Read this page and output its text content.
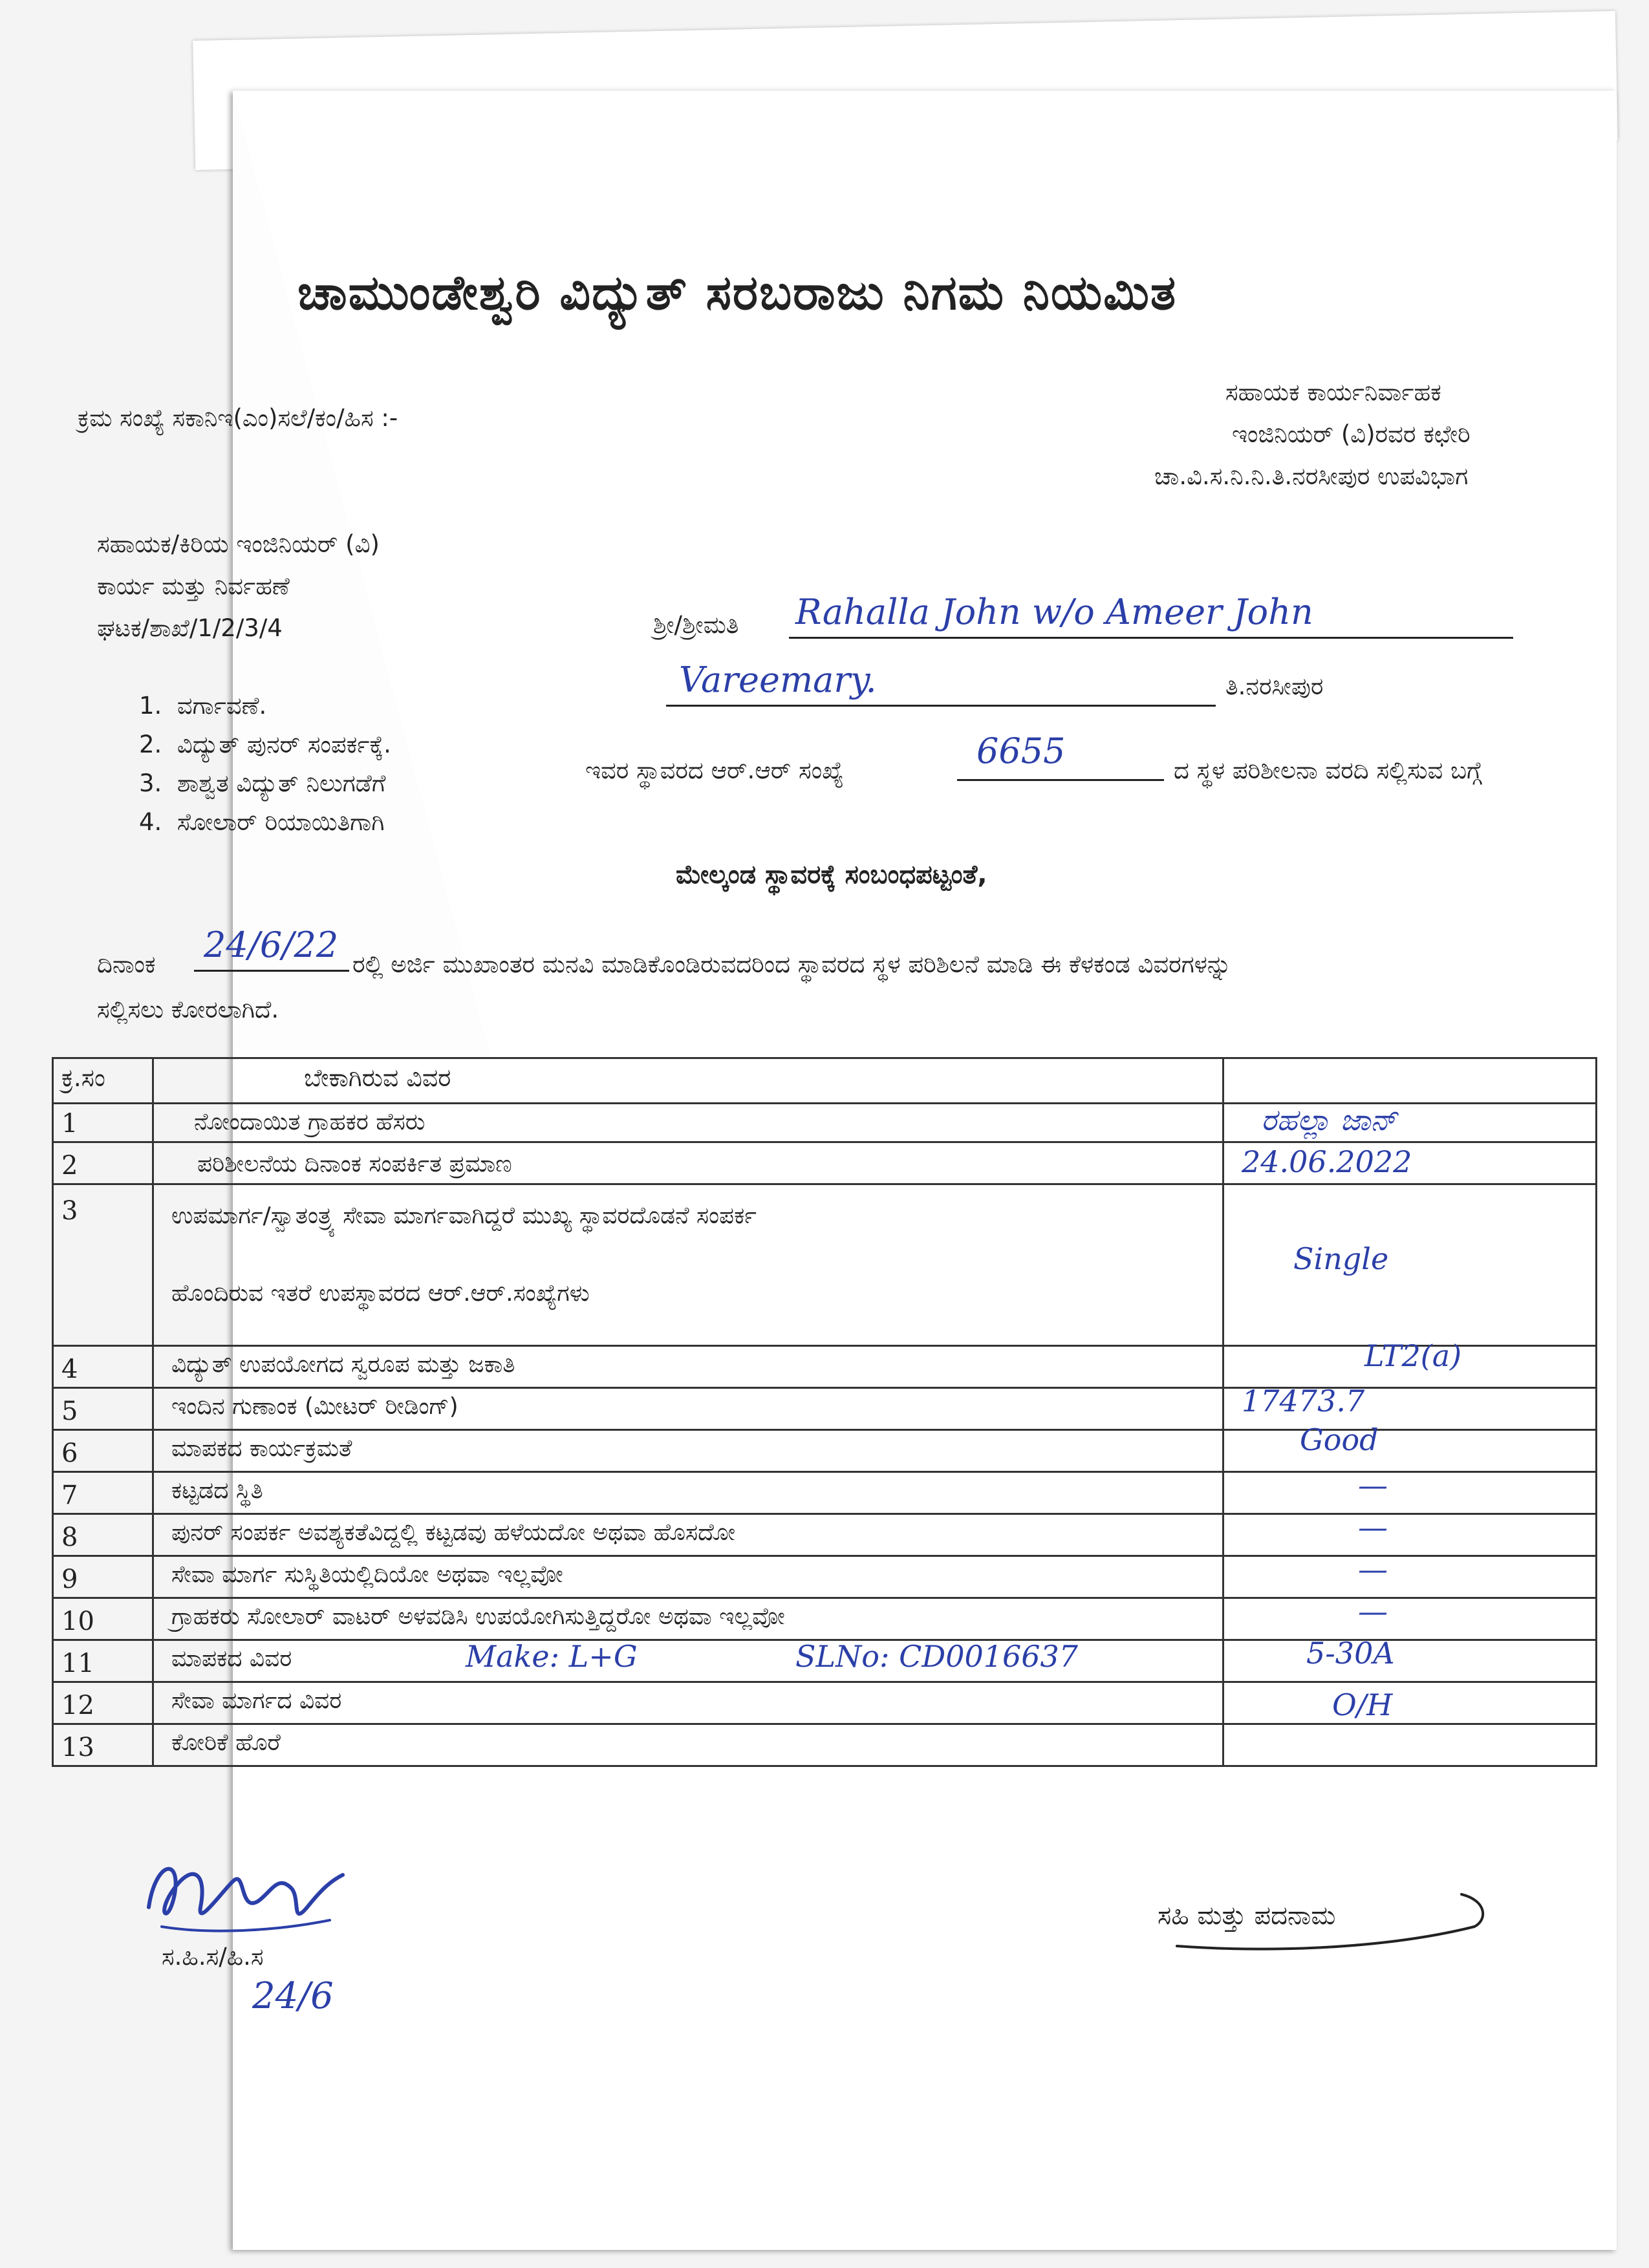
ಚಾಮುಂಡೇಶ್ವರಿ ವಿದ್ಯುತ್ ಸರಬರಾಜು ನಿಗಮ ನಿಯಮಿತ
ಕ್ರಮ ಸಂಖ್ಯೆ ಸಕಾನಿಇ(ಎಂ)ಸಲೆ/ಕಂ/ಹಿಸ :-
ಸಹಾಯಕ ಕಾರ್ಯನಿರ್ವಾಹಕ
ಇಂಜಿನಿಯರ್ (ವಿ)ರವರ ಕಛೇರಿ
ಚಾ.ವಿ.ಸ.ನಿ.ನಿ.ತಿ.ನರಸೀಪುರ ಉಪವಿಭಾಗ
ಸಹಾಯಕ/ಕಿರಿಯ ಇಂಜಿನಿಯರ್ (ವಿ)
ಕಾರ್ಯ ಮತ್ತು ನಿರ್ವಹಣೆ
ಘಟಕ/ಶಾಖೆ/1/2/3/4
1. ವರ್ಗಾವಣೆ.
2. ವಿದ್ಯುತ್ ಪುನರ್ ಸಂಪರ್ಕಕ್ಕೆ.
3. ಶಾಶ್ವತ ವಿದ್ಯುತ್ ನಿಲುಗಡೆಗೆ
4. ಸೋಲಾರ್ ರಿಯಾಯಿತಿಗಾಗಿ
ಶ್ರೀ/ಶ್ರೀಮತಿ Rahalla John w/o Ameer John
Vareemary.	ತಿ.ನರಸೀಪುರ
ಇವರ ಸ್ಥಾವರದ ಆರ್.ಆರ್ ಸಂಖ್ಯೆ	6655	ದ ಸ್ಥಳ ಪರಿಶೀಲನಾ ವರದಿ ಸಲ್ಲಿಸುವ ಬಗ್ಗೆ
ಮೇಲ್ಕಂಡ ಸ್ಥಾವರಕ್ಕೆ ಸಂಬಂಧಪಟ್ಟಂತೆ,
ದಿನಾಂಕ 24/6/22 ರಲ್ಲಿ ಅರ್ಜಿ ಮುಖಾಂತರ ಮನವಿ ಮಾಡಿಕೊಂಡಿರುವದರಿಂದ ಸ್ಥಾವರದ ಸ್ಥಳ ಪರಿಶಿಲನೆ ಮಾಡಿ ಈ ಕೆಳಕಂಡ ವಿವರಗಳನ್ನು
ಸಲ್ಲಿಸಲು ಕೋರಲಾಗಿದೆ.
ಕ್ರ.ಸಂ	ಬೇಕಾಗಿರುವ ವಿವರ
1	ನೋಂದಾಯಿತ ಗ್ರಾಹಕರ ಹೆಸರು	ರಹಲ್ಲಾ ಜಾನ್
2	ಪರಿಶೀಲನೆಯ ದಿನಾಂಕ ಸಂಪರ್ಕಿತ ಪ್ರಮಾಣ	24.06.2022
3	ಉಪಮಾರ್ಗ/ಸ್ವಾತಂತ್ರ್ಯ ಸೇವಾ ಮಾರ್ಗವಾಗಿದ್ದರೆ ಮುಖ್ಯ ಸ್ಥಾವರದೊಡನೆ ಸಂಪರ್ಕ
ಹೊಂದಿರುವ ಇತರೆ ಉಪಸ್ಥಾವರದ ಆರ್.ಆರ್.ಸಂಖ್ಯೆಗಳು
Single
4	ವಿದ್ಯುತ್ ಉಪಯೋಗದ ಸ್ವರೂಪ ಮತ್ತು ಜಕಾತಿ	LT2(a)
5	ಇಂದಿನ ಗುಣಾಂಕ (ಮೀಟರ್ ರೀಡಿಂಗ್)	17473.7
6	ಮಾಪಕದ ಕಾರ್ಯಕ್ರಮತೆ	Good
7	ಕಟ್ಟಡದ ಸ್ಥಿತಿ	—
8	ಪುನರ್ ಸಂಪರ್ಕ ಅವಶ್ಯಕತೆವಿದ್ದಲ್ಲಿ ಕಟ್ಟಡವು ಹಳೆಯದೋ ಅಥವಾ ಹೊಸದೋ	—
9	ಸೇವಾ ಮಾರ್ಗ ಸುಸ್ಥಿತಿಯಲ್ಲಿದಿಯೋ ಅಥವಾ ಇಲ್ಲವೋ	—
10	ಗ್ರಾಹಕರು ಸೋಲಾರ್ ವಾಟರ್ ಅಳವಡಿಸಿ ಉಪಯೋಗಿಸುತ್ತಿದ್ದರೋ ಅಥವಾ ಇಲ್ಲವೋ	—
11	ಮಾಪಕದ ವಿವರ	Make: L+G	SLNo: CD0016637	5-30A
12	ಸೇವಾ ಮಾರ್ಗದ ವಿವರ	O/H
13	ಕೋರಿಕೆ ಹೊರೆ
ಸ.ಹಿ.ಸ/ಹಿ.ಸ
24/6
ಸಹಿ ಮತ್ತು ಪದನಾಮ
